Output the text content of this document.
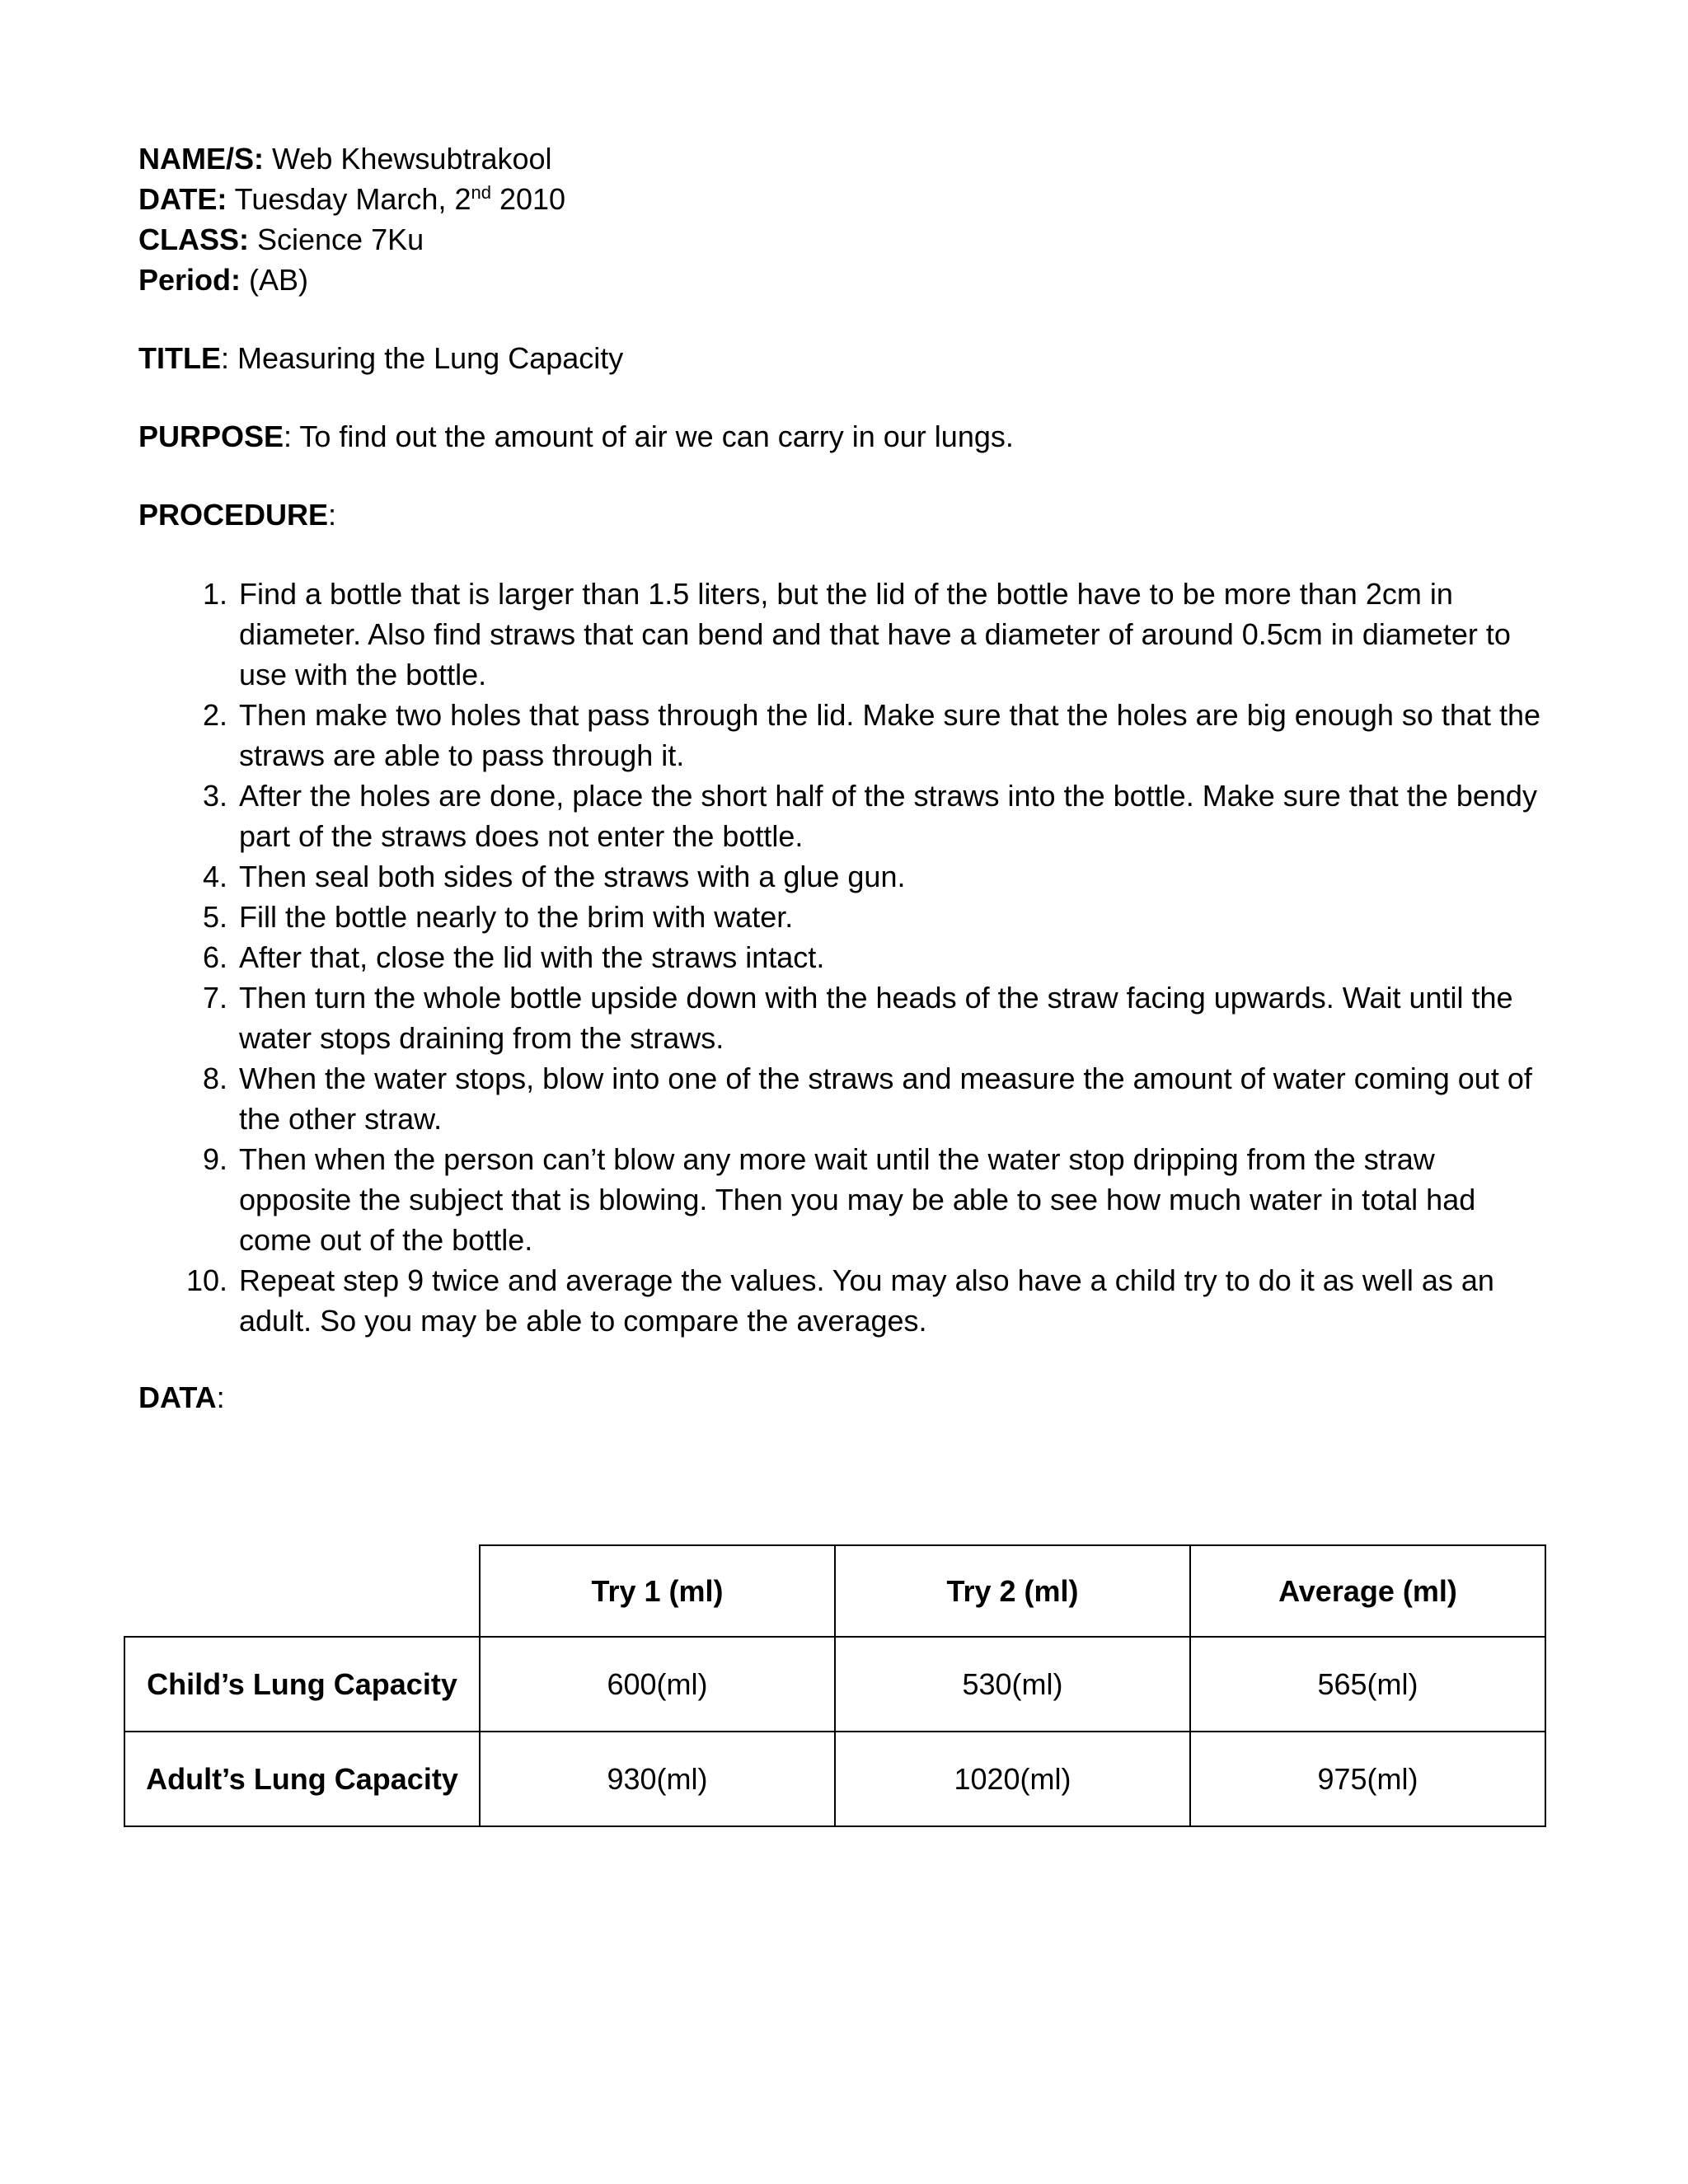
NAME/S: Web Khewsubtrakool
DATE: Tuesday March, 2nd 2010
CLASS: Science 7Ku
Period: (AB)
TITLE: Measuring the Lung Capacity
PURPOSE: To find out the amount of air we can carry in our lungs.
PROCEDURE:
1. Find a bottle that is larger than 1.5 liters, but the lid of the bottle have to be more than 2cm in diameter. Also find straws that can bend and that have a diameter of around 0.5cm in diameter to use with the bottle.
2. Then make two holes that pass through the lid. Make sure that the holes are big enough so that the straws are able to pass through it.
3. After the holes are done, place the short half of the straws into the bottle. Make sure that the bendy part of the straws does not enter the bottle.
4. Then seal both sides of the straws with a glue gun.
5. Fill the bottle nearly to the brim with water.
6. After that, close the lid with the straws intact.
7. Then turn the whole bottle upside down with the heads of the straw facing upwards. Wait until the water stops draining from the straws.
8. When the water stops, blow into one of the straws and measure the amount of water coming out of the other straw.
9. Then when the person can’t blow any more wait until the water stop dripping from the straw opposite the subject that is blowing. Then you may be able to see how much water in total had come out of the bottle.
10. Repeat step 9 twice and average the values. You may also have a child try to do it as well as an adult. So you may be able to compare the averages.
DATA:
	Try 1 (ml)	Try 2 (ml)	Average (ml)
Child’s Lung Capacity	600(ml)	530(ml)	565(ml)
Adult’s Lung Capacity	930(ml)	1020(ml)	975(ml)
